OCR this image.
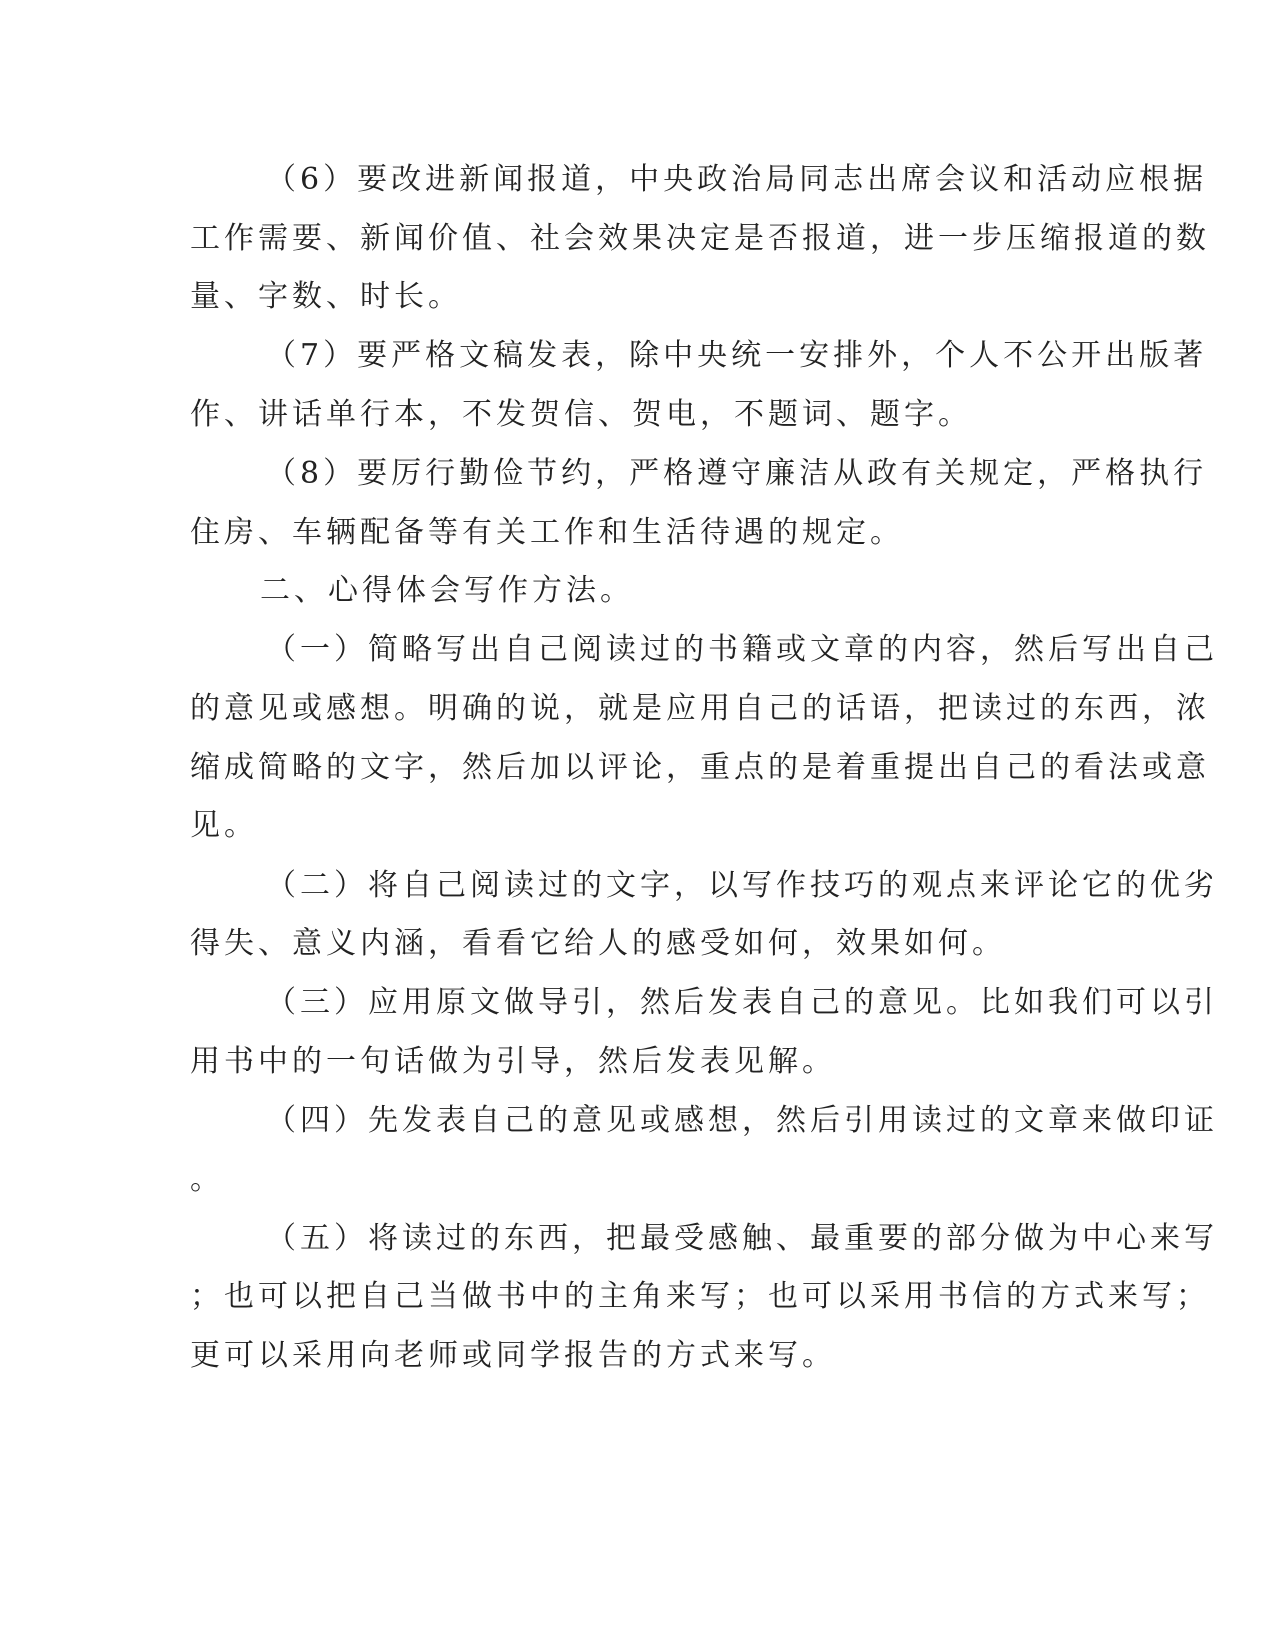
（6）要改进新闻报道，中央政治局同志出席会议和活动应根据
工作需要、新闻价值、社会效果决定是否报道，进一步压缩报道的数
量、字数、时长。
（7）要严格文稿发表，除中央统一安排外，个人不公开出版著
作、讲话单行本，不发贺信、贺电，不题词、题字。
（8）要厉行勤俭节约，严格遵守廉洁从政有关规定，严格执行
住房、车辆配备等有关工作和生活待遇的规定。
二、心得体会写作方法。
（一）简略写出自己阅读过的书籍或文章的内容，然后写出自己
的意见或感想。明确的说，就是应用自己的话语，把读过的东西，浓
缩成简略的文字，然后加以评论，重点的是着重提出自己的看法或意
见。
（二）将自己阅读过的文字，以写作技巧的观点来评论它的优劣
得失、意义内涵，看看它给人的感受如何，效果如何。
（三）应用原文做导引，然后发表自己的意见。比如我们可以引
用书中的一句话做为引导，然后发表见解。
（四）先发表自己的意见或感想，然后引用读过的文章来做印证
。
（五）将读过的东西，把最受感触、最重要的部分做为中心来写
；也可以把自己当做书中的主角来写；也可以采用书信的方式来写；
更可以采用向老师或同学报告的方式来写。
